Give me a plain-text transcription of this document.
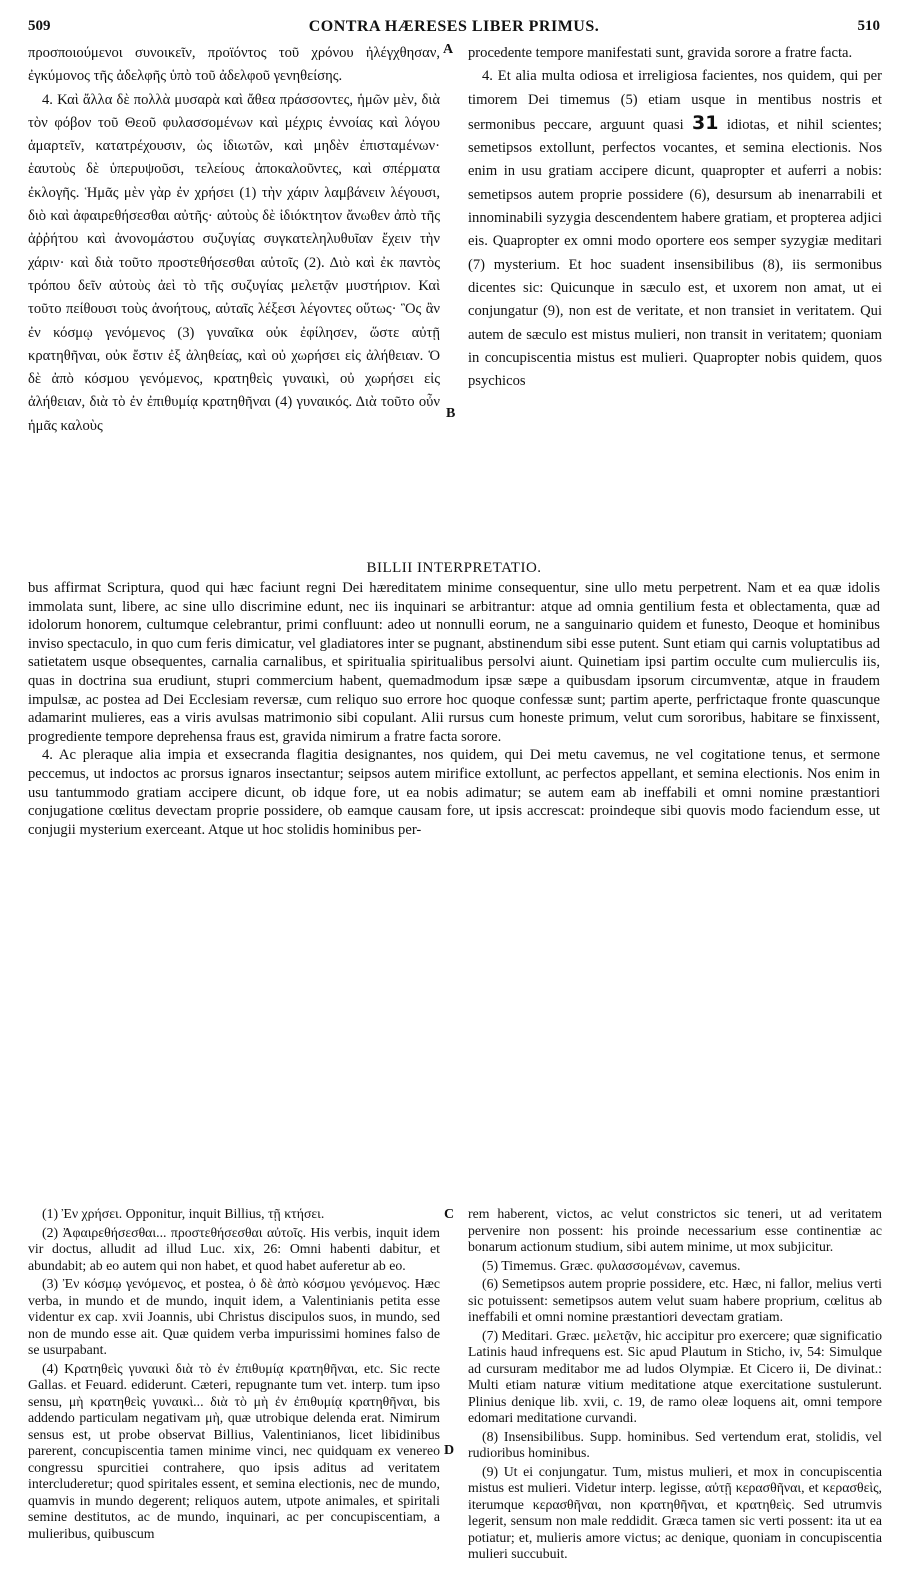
509	CONTRA HÆRESES LIBER PRIMUS.	510

προσποιούμενοι συνοικεῖν, προϊόντος τοῦ χρόνου ἠλέγχθησαν, ἐγκύμονος τῆς ἀδελφῆς ὑπὸ τοῦ ἀδελφοῦ γενηθείσης.

4. Καὶ ἄλλα δὲ πολλὰ μυσαρὰ καὶ ἄθεα πράσσοντες, ἡμῶν μὲν, διὰ τὸν φόβον τοῦ Θεοῦ φυλασσομένων καὶ μέχρις ἐννοίας καὶ λόγου ἁμαρτεῖν, κατατρέχουσιν, ὡς ἰδιωτῶν, καὶ μηδὲν ἐπισταμένων· ἑαυτοὺς δὲ ὑπερυψοῦσι, τελείους ἀποκαλοῦντες, καὶ σπέρματα ἐκλογῆς. Ἡμᾶς μὲν γὰρ ἐν χρήσει (1) τὴν χάριν λαμβάνειν λέγουσι, διὸ καὶ ἀφαιρεθήσεσθαι αὐτῆς· αὐτοὺς δὲ ἰδιόκτητον ἄνωθεν ἀπὸ τῆς ἀῤῥήτου καὶ ἀνονομάστου συζυγίας συγκατεληλυθυῖαν ἔχειν τὴν χάριν· καὶ διὰ τοῦτο προστεθήσεσθαι αὐτοῖς (2). Διὸ καὶ ἐκ παντὸς τρόπου δεῖν αὐτοὺς ἀεὶ τὸ τῆς συζυγίας μελετᾷν μυστήριον. Καὶ τοῦτο πείθουσι τοὺς ἀνοήτους, αὐταῖς λέξεσι λέγοντες οὕτως· Ὃς ἂν ἐν κόσμῳ γενόμενος (3) γυναῖκα οὐκ ἐφίλησεν, ὥστε αὐτῇ κρατηθῆναι, οὐκ ἔστιν ἐξ ἀληθείας, καὶ οὐ χωρήσει εἰς ἀλήθειαν. Ὁ δὲ ἀπὸ κόσμου γενόμενος, κρατηθεὶς γυναικὶ, οὐ χωρήσει εἰς ἀλήθειαν, διὰ τὸ ἐν ἐπιθυμίᾳ κρατηθῆναι (4) γυναικός. Διὰ τοῦτο οὖν ἡμᾶς καλοὺς

A
B

procedente tempore manifestati sunt, gravida sorore a fratre facta.

4. Et alia multa odiosa et irreligiosa facientes, nos quidem, qui per timorem Dei timemus (5) etiam usque in mentibus nostris et sermonibus peccare, arguunt quasi 31 idiotas, et nihil scientes; semetipsos extollunt, perfectos vocantes, et semina electionis. Nos enim in usu gratiam accipere dicunt, quapropter et auferri a nobis: semetipsos autem proprie possidere (6), desursum ab inenarrabili et innominabili syzygia descendentem habere gratiam, et propterea adjici eis. Quapropter ex omni modo oportere eos semper syzygiæ meditari (7) mysterium. Et hoc suadent insensibilibus (8), iis sermonibus dicentes sic: Quicunque in sæculo est, et uxorem non amat, ut ei conjungatur (9), non est de veritate, et non transiet in veritatem. Qui autem de sæculo est mistus mulieri, non transit in veritatem; quoniam in concupiscentia mistus est mulieri. Quapropter nobis quidem, quos psychicos

BILLII INTERPRETATIO.

bus affirmat Scriptura, quod qui hæc faciunt regni Dei hæreditatem minime consequentur, sine ullo metu perpetrent. Nam et ea quæ idolis immolata sunt, libere, ac sine ullo discrimine edunt, nec iis inquinari se arbitrantur: atque ad omnia gentilium festa et oblectamenta, quæ ad idolorum honorem, cultumque celebrantur, primi confluunt: adeo ut nonnulli eorum, ne a sanguinario quidem et funesto, Deoque et hominibus inviso spectaculo, in quo cum feris dimicatur, vel gladiatores inter se pugnant, abstinendum sibi esse putent. Sunt etiam qui carnis voluptatibus ad satietatem usque obsequentes, carnalia carnalibus, et spiritualia spiritualibus persolvi aiunt. Quinetiam ipsi partim occulte cum mulierculis iis, quas in doctrina sua erudiunt, stupri commercium habent, quemadmodum ipsæ sæpe a quibusdam ipsorum circumventæ, atque in fraudem impulsæ, ac postea ad Dei Ecclesiam reversæ, cum reliquo suo errore hoc quoque confessæ sunt; partim aperte, perfrictaque fronte quascunque adamarint mulieres, eas a viris avulsas matrimonio sibi copulant. Alii rursus cum honeste primum, velut cum sororibus, habitare se finxissent, progrediente tempore deprehensa fraus est, gravida nimirum a fratre facta sorore.

4. Ac pleraque alia impia et exsecranda flagitia designantes, nos quidem, qui Dei metu cavemus, ne vel cogitatione tenus, et sermone peccemus, ut indoctos ac prorsus ignaros insectantur; seipsos autem mirifice extollunt, ac perfectos appellant, et semina electionis. Nos enim in usu tantummodo gratiam accipere dicunt, ob idque fore, ut ea nobis adimatur; se autem eam ab ineffabili et omni nomine præstantiori conjugatione cœlitus devectam proprie possidere, ob eamque causam fore, ut ipsis accrescat: proindeque sibi quovis modo faciendum esse, ut conjugii mysterium exerceant. Atque ut hoc stolidis hominibus per-

C
D

(1) Ἐν χρήσει. Opponitur, inquit Billius, τῇ κτήσει.

(2) Ἀφαιρεθήσεσθαι... προστεθήσεσθαι αὐτοῖς. His verbis, inquit idem vir doctus, alludit ad illud Luc. xix, 26: Omni habenti dabitur, et abundabit; ab eo autem qui non habet, et quod habet auferetur ab eo.

(3) Ἐν κόσμῳ γενόμενος, et postea, ὁ δὲ ἀπὸ κόσμου γενόμενος. Hæc verba, in mundo et de mundo, inquit idem, a Valentinianis petita esse videntur ex cap. xvii Joannis, ubi Christus discipulos suos, in mundo, sed non de mundo esse ait. Quæ quidem verba impurissimi homines falso de se usurpabant.

(4) Κρατηθεὶς γυναικὶ διὰ τὸ ἐν ἐπιθυμίᾳ κρατηθῆναι, etc. Sic recte Gallas. et Feuard. ediderunt. Cæteri, repugnante tum vet. interp. tum ipso sensu, μὴ κρατηθεὶς γυναικὶ... διὰ τὸ μὴ ἐν ἐπιθυμίᾳ κρατηθῆναι, bis addendo particulam negativam μὴ, quæ utrobique delenda erat. Nimirum sensus est, ut probe observat Billius, Valentinianos, licet libidinibus parerent, concupiscentia tamen minime vinci, nec quidquam ex venereo congressu spurcitiei contrahere, quo ipsis aditus ad veritatem intercluderetur; quod spiritales essent, et semina electionis, nec de mundo, quamvis in mundo degerent; reliquos autem, utpote animales, et spiritali semine destitutos, ac de mundo, inquinari, ac per concupiscentiam, a mulieribus, quibuscum

rem haberent, victos, ac velut constrictos sic teneri, ut ad veritatem pervenire non possent: his proinde necessarium esse continentiæ ac bonarum actionum studium, sibi autem minime, ut mox subjicitur.

(5) Timemus. Græc. φυλασσομένων, cavemus.

(6) Semetipsos autem proprie possidere, etc. Hæc, ni fallor, melius verti sic potuissent: semetipsos autem velut suam habere proprium, cœlitus ab ineffabili et omni nomine præstantiori devectam gratiam.

(7) Meditari. Græc. μελετᾷν, hic accipitur pro exercere; quæ significatio Latinis haud infrequens est. Sic apud Plautum in Sticho, iv, 54: Simulque ad cursuram meditabor me ad ludos Olympiæ. Et Cicero ii, De divinat.: Multi etiam naturæ vitium meditatione atque exercitatione sustulerunt. Plinius denique lib. xvii, c. 19, de ramo oleæ loquens ait, omni tempore edomari meditatione curvandi.

(8) Insensibilibus. Supp. hominibus. Sed vertendum erat, stolidis, vel rudioribus hominibus.

(9) Ut ei conjungatur. Tum, mistus mulieri, et mox in concupiscentia mistus est mulieri. Videtur interp. legisse, αὐτῇ κερασθῆναι, et κερασθεὶς, iterumque κερασθῆναι, non κρατηθῆναι, et κρατηθεὶς. Sed utrumvis legerit, sensum non male reddidit. Græca tamen sic verti possent: ita ut ea potiatur; et, mulieris amore victus; ac denique, quoniam in concupiscentia mulieri succubuit.
